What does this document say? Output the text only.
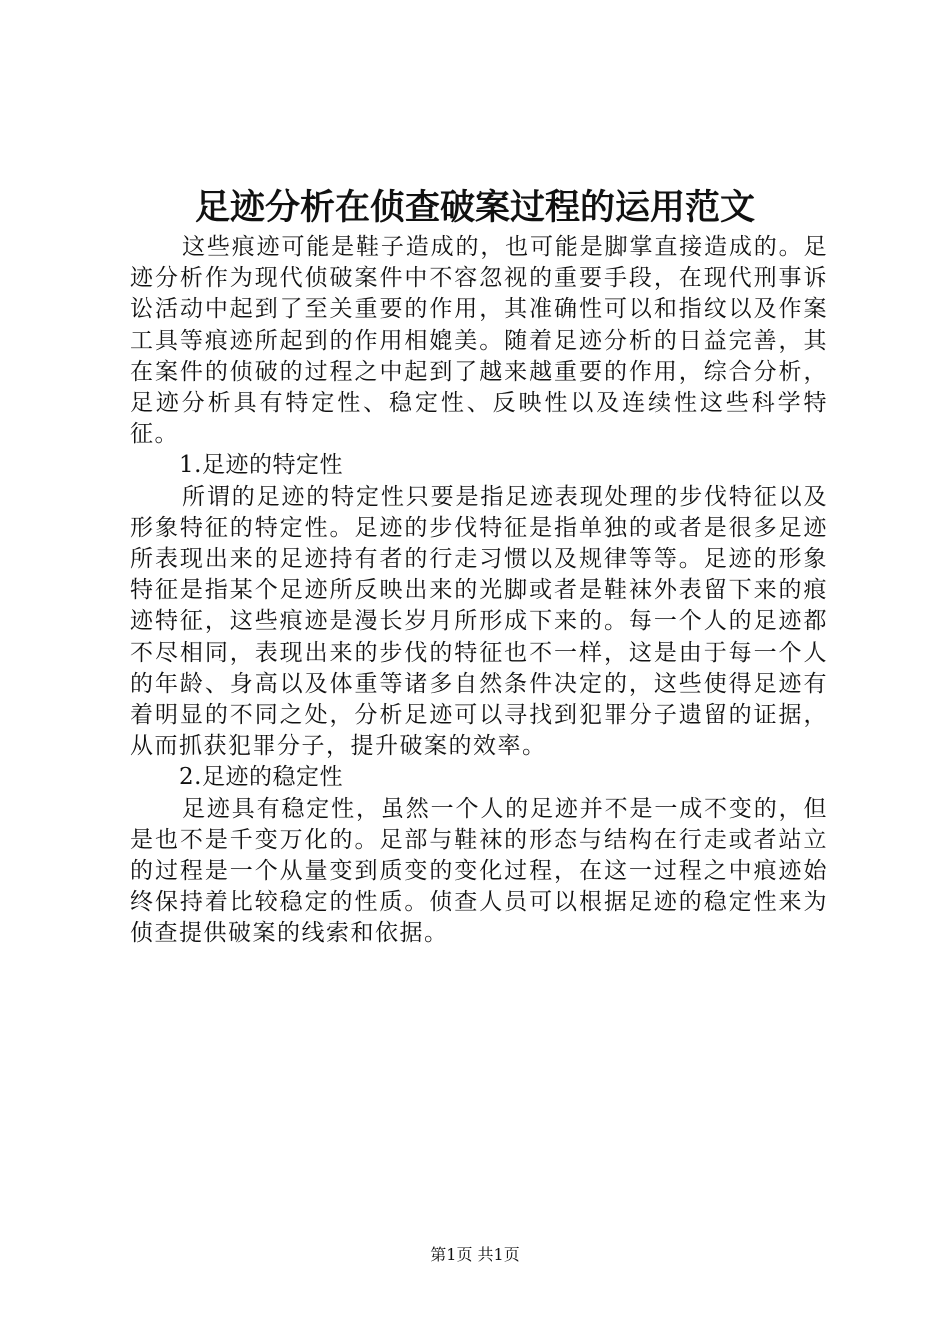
足迹分析在侦查破案过程的运用范文

这些痕迹可能是鞋子造成的，也可能是脚掌直接造成的。足迹分析作为现代侦破案件中不容忽视的重要手段，在现代刑事诉讼活动中起到了至关重要的作用，其准确性可以和指纹以及作案工具等痕迹所起到的作用相媲美。随着足迹分析的日益完善，其在案件的侦破的过程之中起到了越来越重要的作用，综合分析，足迹分析具有特定性、稳定性、反映性以及连续性这些科学特征。

1.足迹的特定性

所谓的足迹的特定性只要是指足迹表现处理的步伐特征以及形象特征的特定性。足迹的步伐特征是指单独的或者是很多足迹所表现出来的足迹持有者的行走习惯以及规律等等。足迹的形象特征是指某个足迹所反映出来的光脚或者是鞋袜外表留下来的痕迹特征，这些痕迹是漫长岁月所形成下来的。每一个人的足迹都不尽相同，表现出来的步伐的特征也不一样，这是由于每一个人的年龄、身高以及体重等诸多自然条件决定的，这些使得足迹有着明显的不同之处，分析足迹可以寻找到犯罪分子遗留的证据，从而抓获犯罪分子，提升破案的效率。

2.足迹的稳定性

足迹具有稳定性，虽然一个人的足迹并不是一成不变的，但是也不是千变万化的。足部与鞋袜的形态与结构在行走或者站立的过程是一个从量变到质变的变化过程，在这一过程之中痕迹始终保持着比较稳定的性质。侦查人员可以根据足迹的稳定性来为侦查提供破案的线索和依据。

第1页 共1页
